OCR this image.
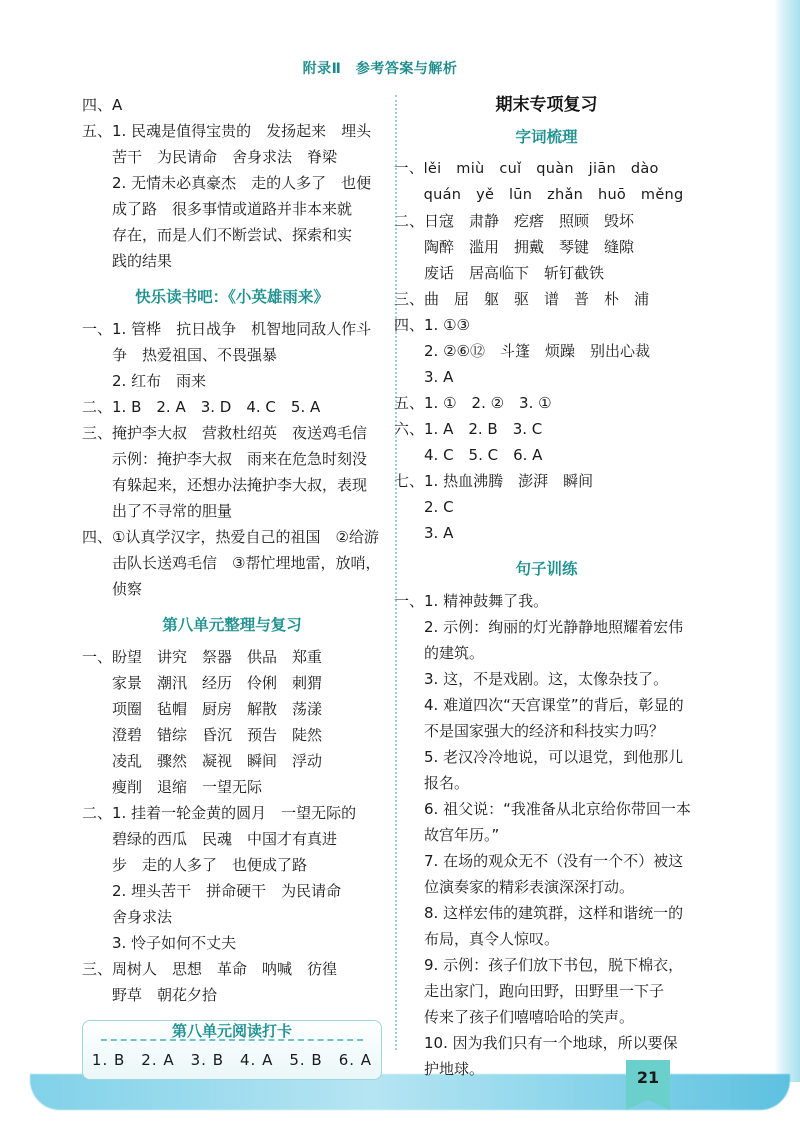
21
附录Ⅱ　参考答案与解析
四、A
五、1. 民魂是值得宝贵的　发扬起来　埋头
　　苦干　为民请命　舍身求法　脊梁
　　2. 无情未必真豪杰　走的人多了　也便
　　成了路　很多事情或道路并非本来就
　　存在，而是人们不断尝试、探索和实
　　践的结果
快乐读书吧：《小英雄雨来》
一、1. 管桦　抗日战争　机智地同敌人作斗
　　争　热爱祖国、不畏强暴
　　2. 红布　雨来
二、1. B　2. A　3. D　4. C　5. A
三、掩护李大叔　营救杜绍英　夜送鸡毛信
　　示例：掩护李大叔　雨来在危急时刻没
　　有躲起来，还想办法掩护李大叔，表现
　　出了不寻常的胆量
四、①认真学汉字，热爱自己的祖国　②给游
　　击队长送鸡毛信　③帮忙埋地雷，放哨，
　　侦察
第八单元整理与复习
一、盼望　讲究　祭器　供品　郑重
　　家景　潮汛　经历　伶俐　刺猬
　　项圈　毡帽　厨房　解散　荡漾
　　澄碧　错综　昏沉　预告　陡然
　　凌乱　骤然　凝视　瞬间　浮动
　　瘦削　退缩　一望无际
二、1. 挂着一轮金黄的圆月　一望无际的
　　碧绿的西瓜　民魂　中国才有真进
　　步　走的人多了　也便成了路
　　2. 埋头苦干　拼命硬干　为民请命
　　舍身求法
　　3. 怜子如何不丈夫
三、周树人　思想　革命　呐喊　彷徨
　　野草　朝花夕拾
第八单元阅读打卡
1. B　2. A　3. B　4. A　5. B　6. A
期末专项复习
字词梳理
一、lěi　miù　cuǐ　quàn　jiān　dào
　　quán　yě　lūn　zhǎn　huō　měng
二、日寇　肃静　疙瘩　照顾　毁坏
　　陶醉　滥用　拥戴　琴键　缝隙
　　废话　居高临下　斩钉截铁
三、曲　屈　躯　驱　谱　普　朴　浦
四、1. ①③
　　2. ②⑥⑫　斗篷　烦躁　别出心裁
　　3. A
五、1. ①　2. ②　3. ①
六、1. A　2. B　3. C
　　4. C　5. C　6. A
七、1. 热血沸腾　澎湃　瞬间
　　2. C
　　3. A
句子训练
一、1. 精神鼓舞了我。
　　2. 示例：绚丽的灯光静静地照耀着宏伟
　　的建筑。
　　3. 这，不是戏剧。这，太像杂技了。
　　4. 难道四次“天宫课堂”的背后，彰显的
　　不是国家强大的经济和科技实力吗？
　　5. 老汉冷冷地说，可以退党，到他那儿
　　报名。
　　6. 祖父说：“我准备从北京给你带回一本
　　故宫年历。”
　　7. 在场的观众无不（没有一个不）被这
　　位演奏家的精彩表演深深打动。
　　8. 这样宏伟的建筑群，这样和谐统一的
　　布局，真令人惊叹。
　　9. 示例：孩子们放下书包，脱下棉衣，
　　走出家门，跑向田野，田野里一下子
　　传来了孩子们嘻嘻哈哈的笑声。
　　10. 因为我们只有一个地球，所以要保
　　护地球。
